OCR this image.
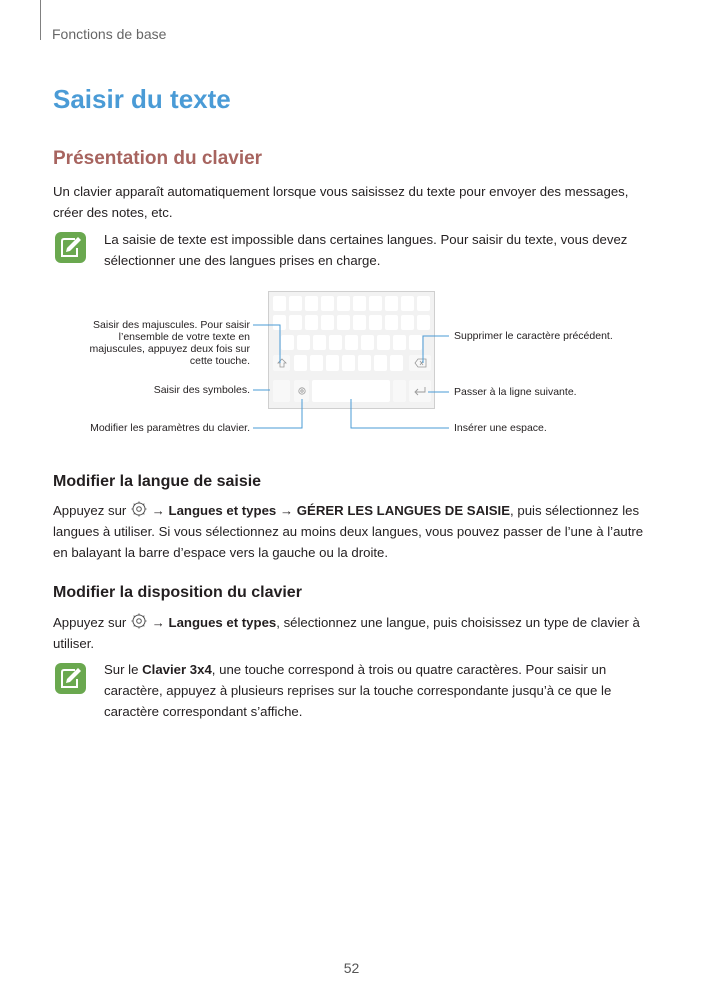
Fonctions de base
Saisir du texte
Présentation du clavier

Un clavier apparaît automatiquement lorsque vous saisissez du texte pour envoyer des messages, créer des notes, etc.

La saisie de texte est impossible dans certaines langues. Pour saisir du texte, vous devez sélectionner une des langues prises en charge.

Saisir des majuscules. Pour saisir l’ensemble de votre texte en majuscules, appuyez deux fois sur cette touche.

Saisir des symboles.

Modifier les paramètres du clavier.

Supprimer le caractère précédent.

Passer à la ligne suivante.

Insérer une espace.

Modifier la langue de saisie

Appuyez sur → Langues et types → GÉRER LES LANGUES DE SAISIE, puis sélectionnez les langues à utiliser. Si vous sélectionnez au moins deux langues, vous pouvez passer de l’une à l’autre en balayant la barre d’espace vers la gauche ou la droite.

Modifier la disposition du clavier

Appuyez sur → Langues et types, sélectionnez une langue, puis choisissez un type de clavier à utiliser.

Sur le Clavier 3x4, une touche correspond à trois ou quatre caractères. Pour saisir un caractère, appuyez à plusieurs reprises sur la touche correspondante jusqu’à ce que le caractère correspondant s’affiche.

52
